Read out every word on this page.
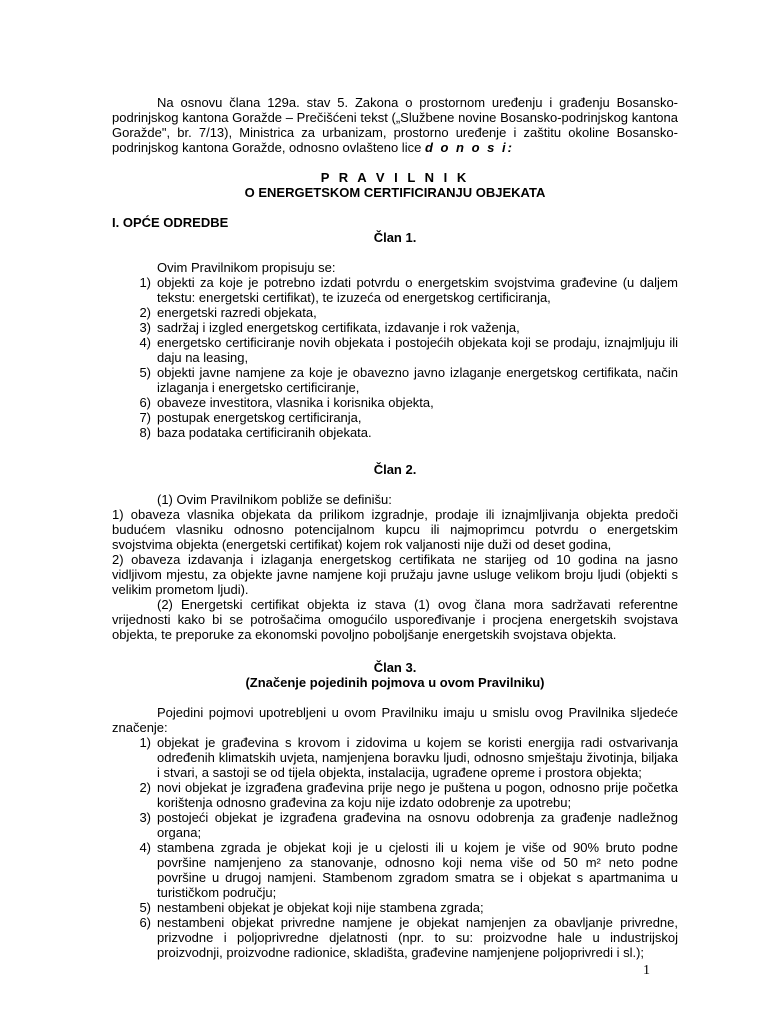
Na osnovu člana 129a. stav 5. Zakona o prostornom uređenju i građenju Bosansko-podrinjskog kantona Goražde – Prečišćeni tekst („Službene novine Bosansko-podrinjskog kantona Goražde", br. 7/13), Ministrica za urbanizam, prostorno uređenje i zaštitu okoline Bosansko-podrinjskog kantona Goražde, odnosno ovlašteno lice d o n o s i:

P R A V I L N I K
O ENERGETSKOM CERTIFICIRANJU OBJEKATA
I. OPĆE ODREDBE
Član 1.

Ovim Pravilnikom propisuju se:

1) objekti za koje je potrebno izdati potvrdu o energetskim svojstvima građevine (u daljem tekstu: energetski certifikat), te izuzeća od energetskog certificiranja,
2) energetski razredi objekata,
3) sadržaj i izgled energetskog certifikata, izdavanje i rok važenja,
4) energetsko certificiranje novih objekata i postojećih objekata koji se prodaju, iznajmljuju ili daju na leasing,
5) objekti javne namjene za koje je obavezno javno izlaganje energetskog certifikata, način izlaganja i energetsko certificiranje,
6) obaveze investitora, vlasnika i korisnika objekta,
7) postupak energetskog certificiranja,
8) baza podataka certificiranih objekata.
Član 2.

(1) Ovim Pravilnikom pobliže se definišu:

1) obaveza vlasnika objekata da prilikom izgradnje, prodaje ili iznajmljivanja objekta predoči budućem vlasniku odnosno potencijalnom kupcu ili najmoprimcu potvrdu o energetskim svojstvima objekta (energetski certifikat) kojem rok valjanosti nije duži od deset godina,

2) obaveza izdavanja i izlaganja energetskog certifikata ne starijeg od 10 godina na jasno vidljivom mjestu, za objekte javne namjene koji pružaju javne usluge velikom broju ljudi (objekti s velikim prometom ljudi).

(2) Energetski certifikat objekta iz stava (1) ovog člana mora sadržavati referentne vrijednosti kako bi se potrošačima omogućilo uspoređivanje i procjena energetskih svojstava objekta, te preporuke za ekonomski povoljno poboljšanje energetskih svojstava objekta.

Član 3.
(Značenje pojedinih pojmova u ovom Pravilniku)

Pojedini pojmovi upotrebljeni u ovom Pravilniku imaju u smislu ovog Pravilnika sljedeće značenje:

1) objekat je građevina s krovom i zidovima u kojem se koristi energija radi ostvarivanja određenih klimatskih uvjeta, namjenjena boravku ljudi, odnosno smještaju životinja, biljaka i stvari, a sastoji se od tijela objekta, instalacija, ugrađene opreme i prostora objekta;
2) novi objekat je izgrađena građevina prije nego je puštena u pogon, odnosno prije početka korištenja odnosno građevina za koju nije izdato odobrenje za upotrebu;
3) postojeći objekat je izgrađena građevina na osnovu odobrenja za građenje nadležnog organa;
4) stambena zgrada je objekat koji je u cjelosti ili u kojem je više od 90% bruto podne površine namjenjeno za stanovanje, odnosno koji nema više od 50 m² neto podne površine u drugoj namjeni. Stambenom zgradom smatra se i objekat s apartmanima u turističkom području;
5) nestambeni objekat je objekat koji nije stambena zgrada;
6) nestambeni objekat privredne namjene je objekat namjenjen za obavljanje privredne, prizvodne i poljoprivredne djelatnosti (npr. to su: proizvodne hale u industrijskoj proizvodnji, proizvodne radionice, skladišta, građevine namjenjene poljoprivredi i sl.);
1
